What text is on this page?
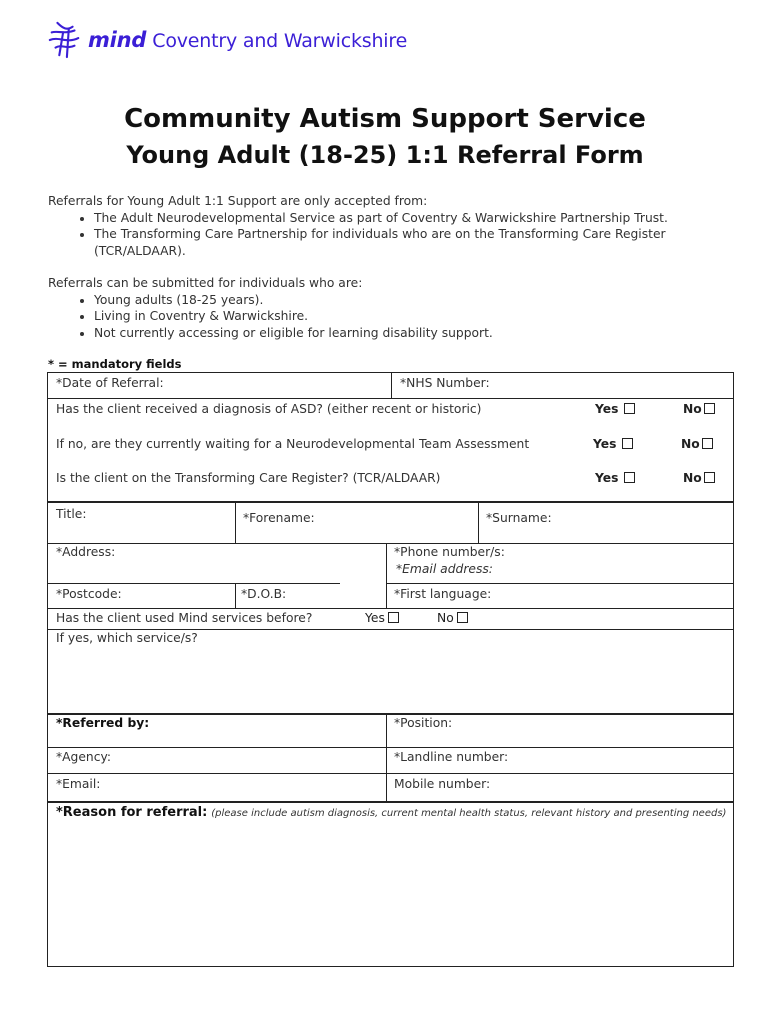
mind Coventry and Warwickshire
Community Autism Support Service
Young Adult (18-25) 1:1 Referral Form
Referrals for Young Adult 1:1 Support are only accepted from:
• The Adult Neurodevelopmental Service as part of Coventry & Warwickshire Partnership Trust.
• The Transforming Care Partnership for individuals who are on the Transforming Care Register (TCR/ALDAAR).
Referrals can be submitted for individuals who are:
• Young adults (18-25 years).
• Living in Coventry & Warwickshire.
• Not currently accessing or eligible for learning disability support.
* = mandatory fields
*Date of Referral:	*NHS Number:
Has the client received a diagnosis of ASD? (either recent or historic)	Yes	No
If no, are they currently waiting for a Neurodevelopmental Team Assessment	Yes	No
Is the client on the Transforming Care Register? (TCR/ALDAAR)	Yes	No
Title:	*Forename:	*Surname:
*Address:	*Phone number/s:
*Email address:
*Postcode:	*D.O.B:	*First language:
Has the client used Mind services before?	Yes	No
If yes, which service/s?
*Referred by:	*Position:
*Agency:	*Landline number:
*Email:	Mobile number:
*Reason for referral: (please include autism diagnosis, current mental health status, relevant history and presenting needs)
